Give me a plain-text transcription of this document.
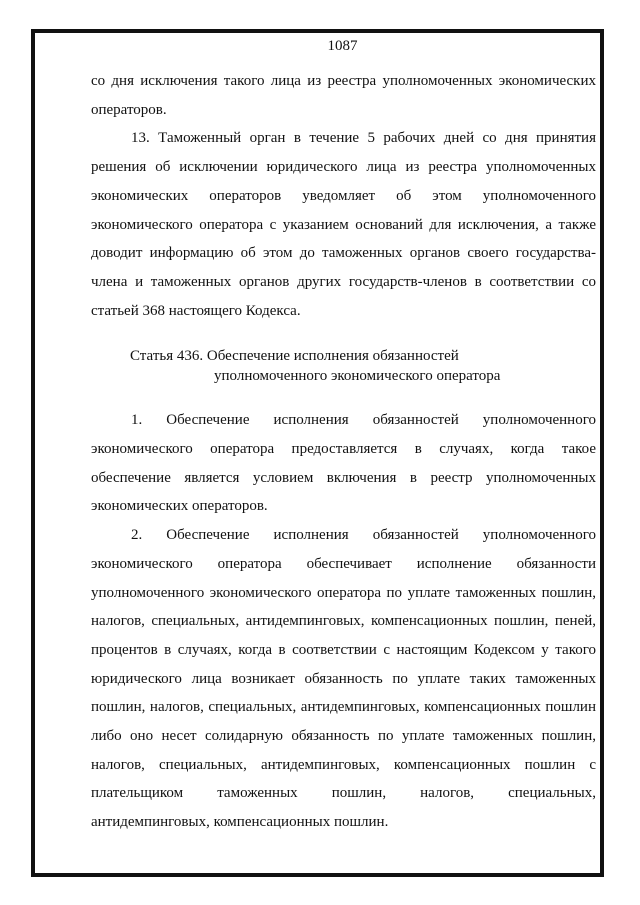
1087

со дня исключения такого лица из реестра уполномоченных экономических операторов.

13. Таможенный орган в течение 5 рабочих дней со дня принятия решения об исключении юридического лица из реестра уполномоченных экономических операторов уведомляет об этом уполномоченного экономического оператора с указанием оснований для исключения, а также доводит информацию об этом до таможенных органов своего государства-члена и таможенных органов других государств-членов в соответствии со статьей 368 настоящего Кодекса.

Статья 436. Обеспечение исполнения обязанностей
уполномоченного экономического оператора

1. Обеспечение исполнения обязанностей уполномоченного экономического оператора предоставляется в случаях, когда такое обеспечение является условием включения в реестр уполномоченных экономических операторов.

2. Обеспечение исполнения обязанностей уполномоченного экономического оператора обеспечивает исполнение обязанности уполномоченного экономического оператора по уплате таможенных пошлин, налогов, специальных, антидемпинговых, компенсационных пошлин, пеней, процентов в случаях, когда в соответствии с настоящим Кодексом у такого юридического лица возникает обязанность по уплате таких таможенных пошлин, налогов, специальных, антидемпинговых, компенсационных пошлин либо оно несет солидарную обязанность по уплате таможенных пошлин, налогов, специальных, антидемпинговых, компенсационных пошлин с плательщиком таможенных пошлин, налогов, специальных, антидемпинговых, компенсационных пошлин.
